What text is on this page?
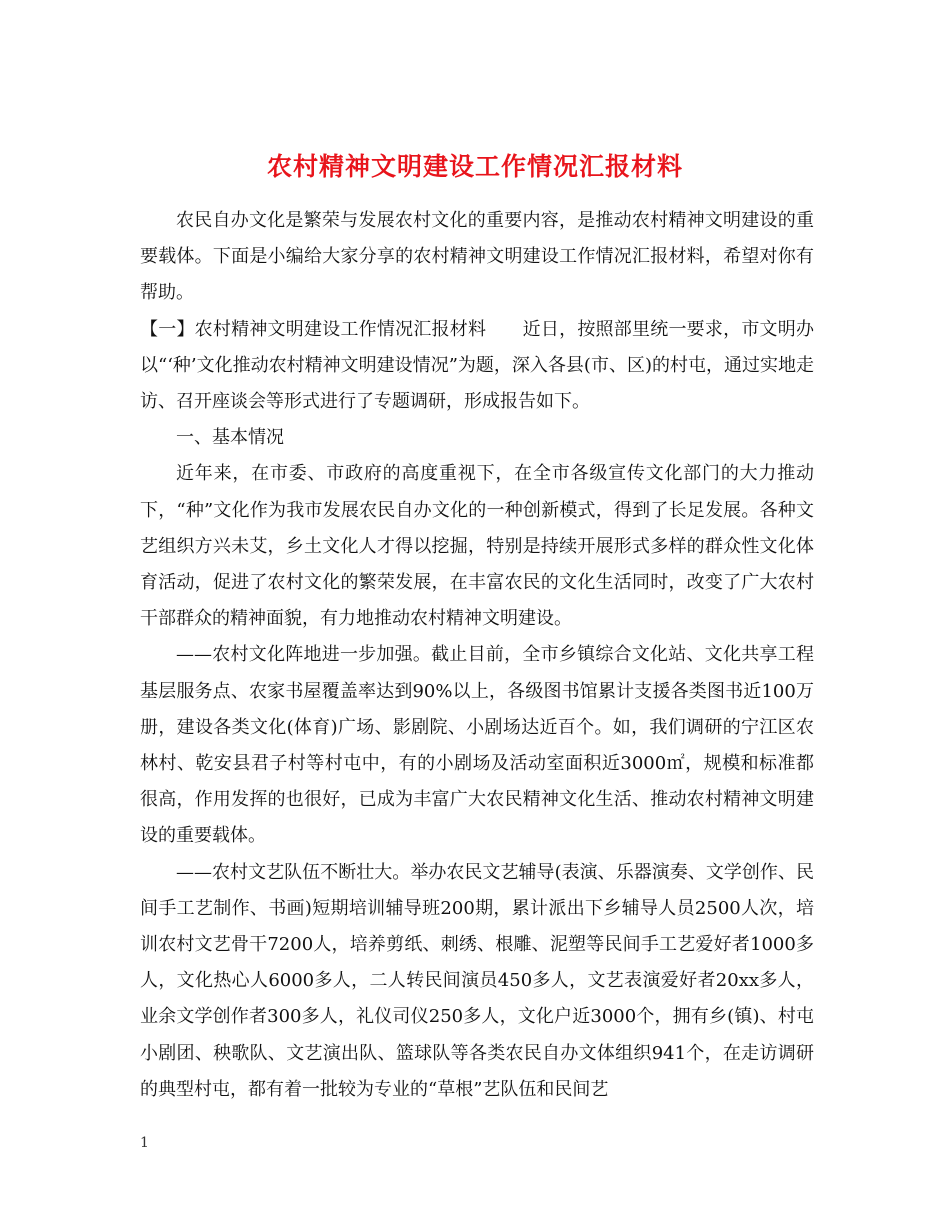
农村精神文明建设工作情况汇报材料

农民自办文化是繁荣与发展农村文化的重要内容，是推动农村精神文明建设的重要载体。下面是小编给大家分享的农村精神文明建设工作情况汇报材料，希望对你有帮助。

【一】农村精神文明建设工作情况汇报材料　　近日，按照部里统一要求，市文明办以“‘种’文化推动农村精神文明建设情况”为题，深入各县(市、区)的村屯，通过实地走访、召开座谈会等形式进行了专题调研，形成报告如下。

一、基本情况

近年来，在市委、市政府的高度重视下，在全市各级宣传文化部门的大力推动下，“种”文化作为我市发展农民自办文化的一种创新模式，得到了长足发展。各种文艺组织方兴未艾，乡土文化人才得以挖掘，特别是持续开展形式多样的群众性文化体育活动，促进了农村文化的繁荣发展，在丰富农民的文化生活同时，改变了广大农村干部群众的精神面貌，有力地推动农村精神文明建设。

——农村文化阵地进一步加强。截止目前，全市乡镇综合文化站、文化共享工程基层服务点、农家书屋覆盖率达到90%以上，各级图书馆累计支援各类图书近100万册，建设各类文化(体育)广场、影剧院、小剧场达近百个。如，我们调研的宁江区农林村、乾安县君子村等村屯中，有的小剧场及活动室面积近3000㎡，规模和标准都很高，作用发挥的也很好，已成为丰富广大农民精神文化生活、推动农村精神文明建设的重要载体。

——农村文艺队伍不断壮大。举办农民文艺辅导(表演、乐器演奏、文学创作、民间手工艺制作、书画)短期培训辅导班200期，累计派出下乡辅导人员2500人次，培训农村文艺骨干7200人，培养剪纸、刺绣、根雕、泥塑等民间手工艺爱好者1000多人，文化热心人6000多人，二人转民间演员450多人，文艺表演爱好者20xx多人，业余文学创作者300多人，礼仪司仪250多人，文化户近3000个，拥有乡(镇)、村屯小剧团、秧歌队、文艺演出队、篮球队等各类农民自办文体组织941个，在走访调研的典型村屯，都有着一批较为专业的“草根”艺队伍和民间艺

1
